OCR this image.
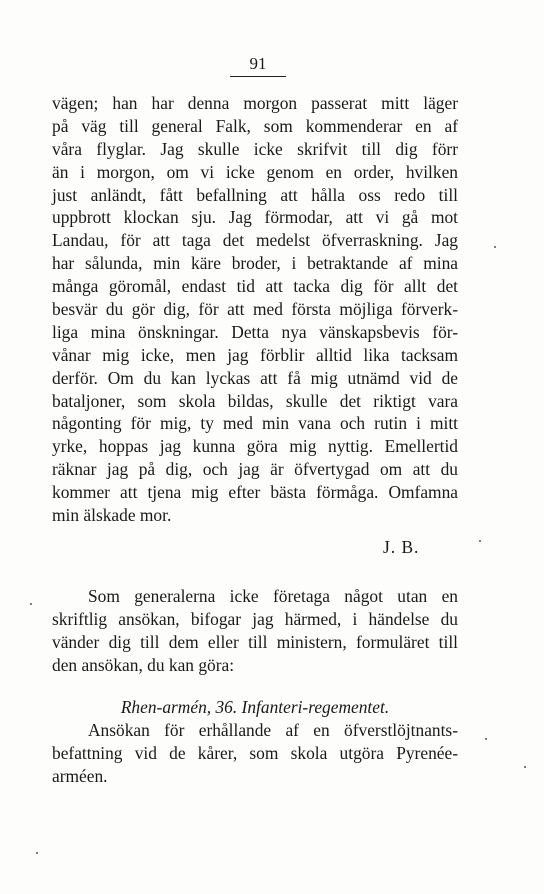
91
vägen; han har denna morgon passerat mitt läger
på väg till general Falk, som kommenderar en af
våra flyglar. Jag skulle icke skrifvit till dig förr
än i morgon, om vi icke genom en order, hvilken
just anländt, fått befallning att hålla oss redo till
uppbrott klockan sju. Jag förmodar, att vi gå mot
Landau, för att taga det medelst öfverraskning. Jag
har sålunda, min käre broder, i betraktande af mina
många göromål, endast tid att tacka dig för allt det
besvär du gör dig, för att med första möjliga förverk-
liga mina önskningar. Detta nya vänskapsbevis för-
vånar mig icke, men jag förblir alltid lika tacksam
derför. Om du kan lyckas att få mig utnämd vid de
bataljoner, som skola bildas, skulle det riktigt vara
någonting för mig, ty med min vana och rutin i mitt
yrke, hoppas jag kunna göra mig nyttig. Emellertid
räknar jag på dig, och jag är öfvertygad om att du
kommer att tjena mig efter bästa förmåga. Omfamna
min älskade mor.
J. B.
Som generalerna icke företaga något utan en
skriftlig ansökan, bifogar jag härmed, i händelse du
vänder dig till dem eller till ministern, formuläret till
den ansökan, du kan göra:
Rhen-armén, 36. Infanteri-regementet.
Ansökan för erhållande af en öfverstlöjtnants-
befattning vid de kårer, som skola utgöra Pyrenée-
arméen.
